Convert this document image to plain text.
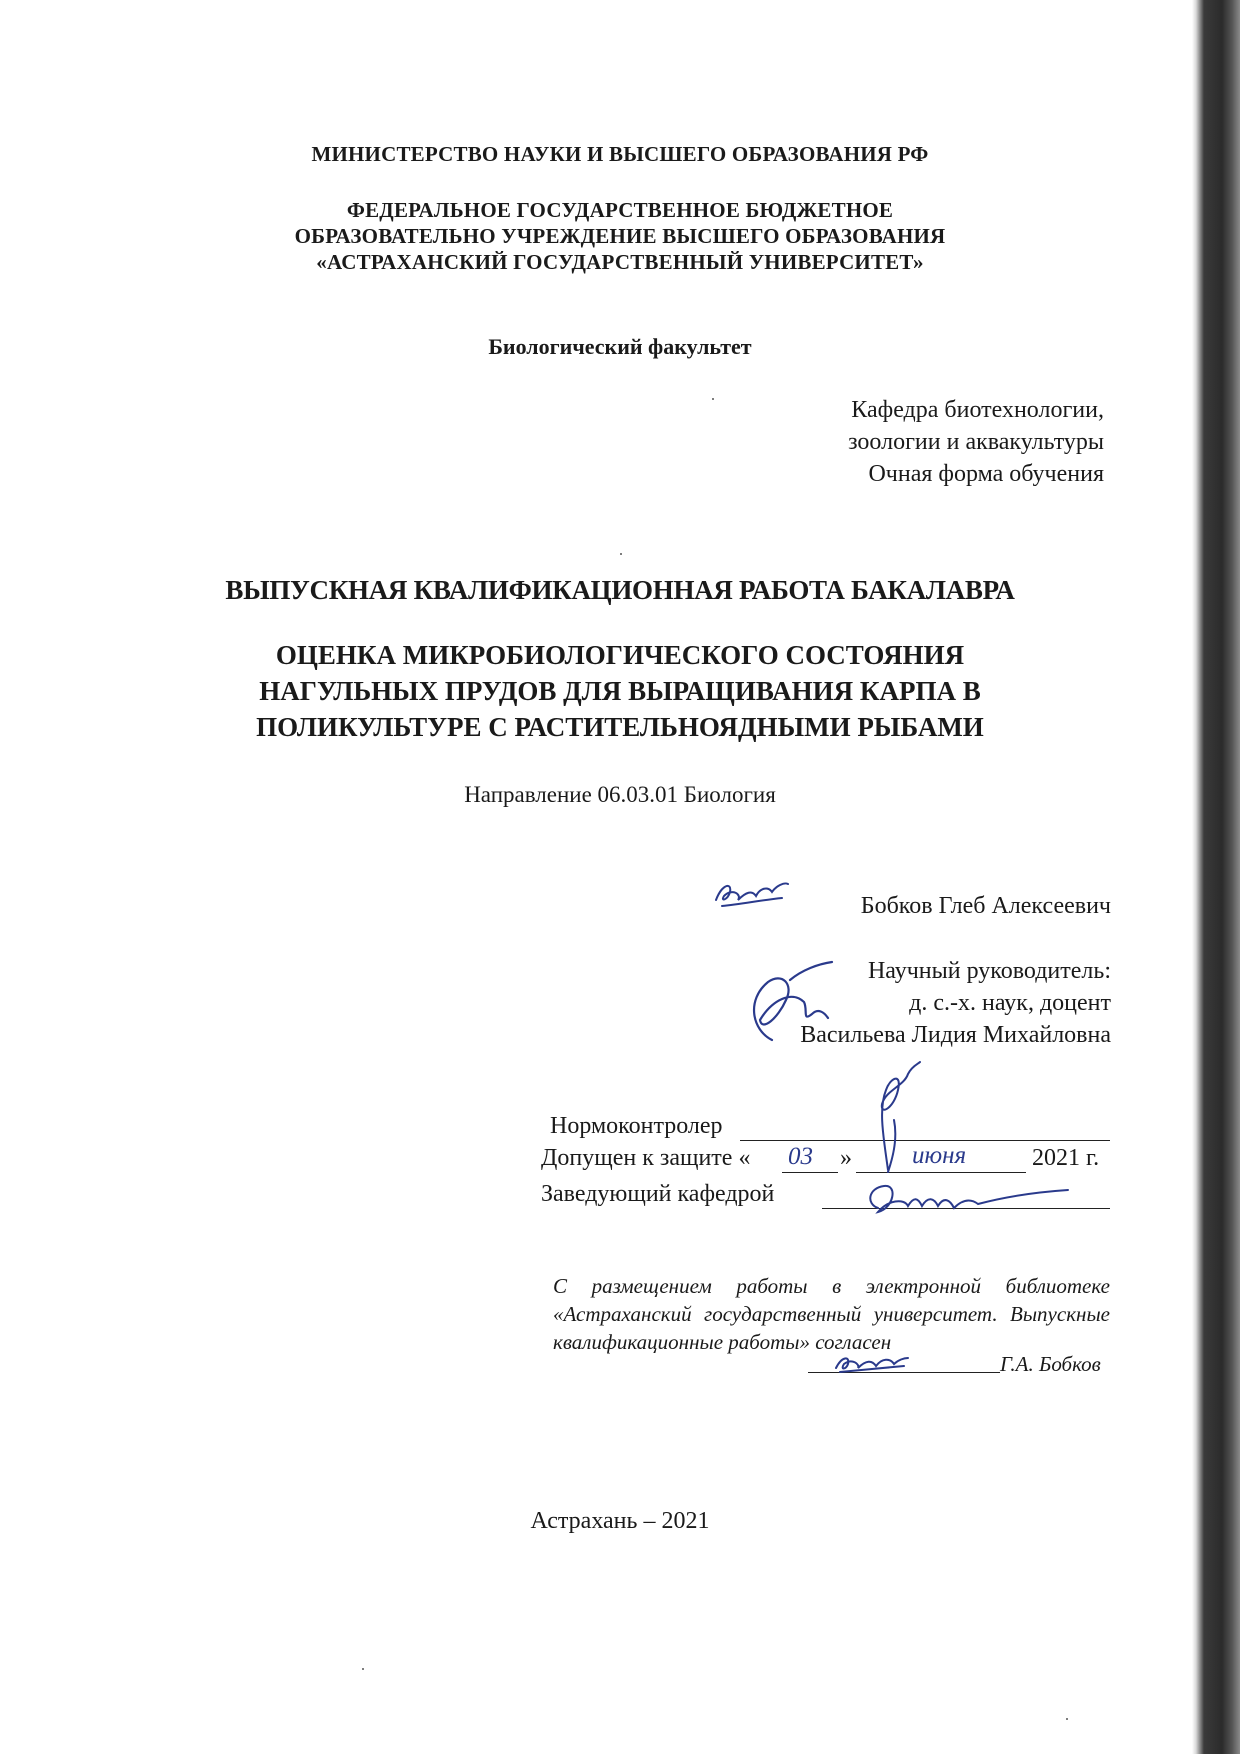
МИНИСТЕРСТВО НАУКИ И ВЫСШЕГО ОБРАЗОВАНИЯ РФ
ФЕДЕРАЛЬНОЕ ГОСУДАРСТВЕННОЕ БЮДЖЕТНОЕ
ОБРАЗОВАТЕЛЬНО УЧРЕЖДЕНИЕ ВЫСШЕГО ОБРАЗОВАНИЯ
«АСТРАХАНСКИЙ ГОСУДАРСТВЕННЫЙ УНИВЕРСИТЕТ»
Биологический факультет
Кафедра биотехнологии,
зоологии и аквакультуры
Очная форма обучения
ВЫПУСКНАЯ КВАЛИФИКАЦИОННАЯ РАБОТА БАКАЛАВРА
ОЦЕНКА МИКРОБИОЛОГИЧЕСКОГО СОСТОЯНИЯ
НАГУЛЬНЫХ ПРУДОВ ДЛЯ ВЫРАЩИВАНИЯ КАРПА В
ПОЛИКУЛЬТУРЕ С РАСТИТЕЛЬНОЯДНЫМИ РЫБАМИ
Направление 06.03.01 Биология
Бобков Глеб Алексеевич
Научный руководитель:
д. с.-х. наук, доцент
Васильева Лидия Михайловна
Нормоконтролер
Допущен к защите « 03 » июня	2021 г.
Заведующий кафедрой
С размещением работы в электронной библиотеке «Астраханский государственный университет. Выпускные квалификационные работы» согласен
Г.А. Бобков
Астрахань – 2021
